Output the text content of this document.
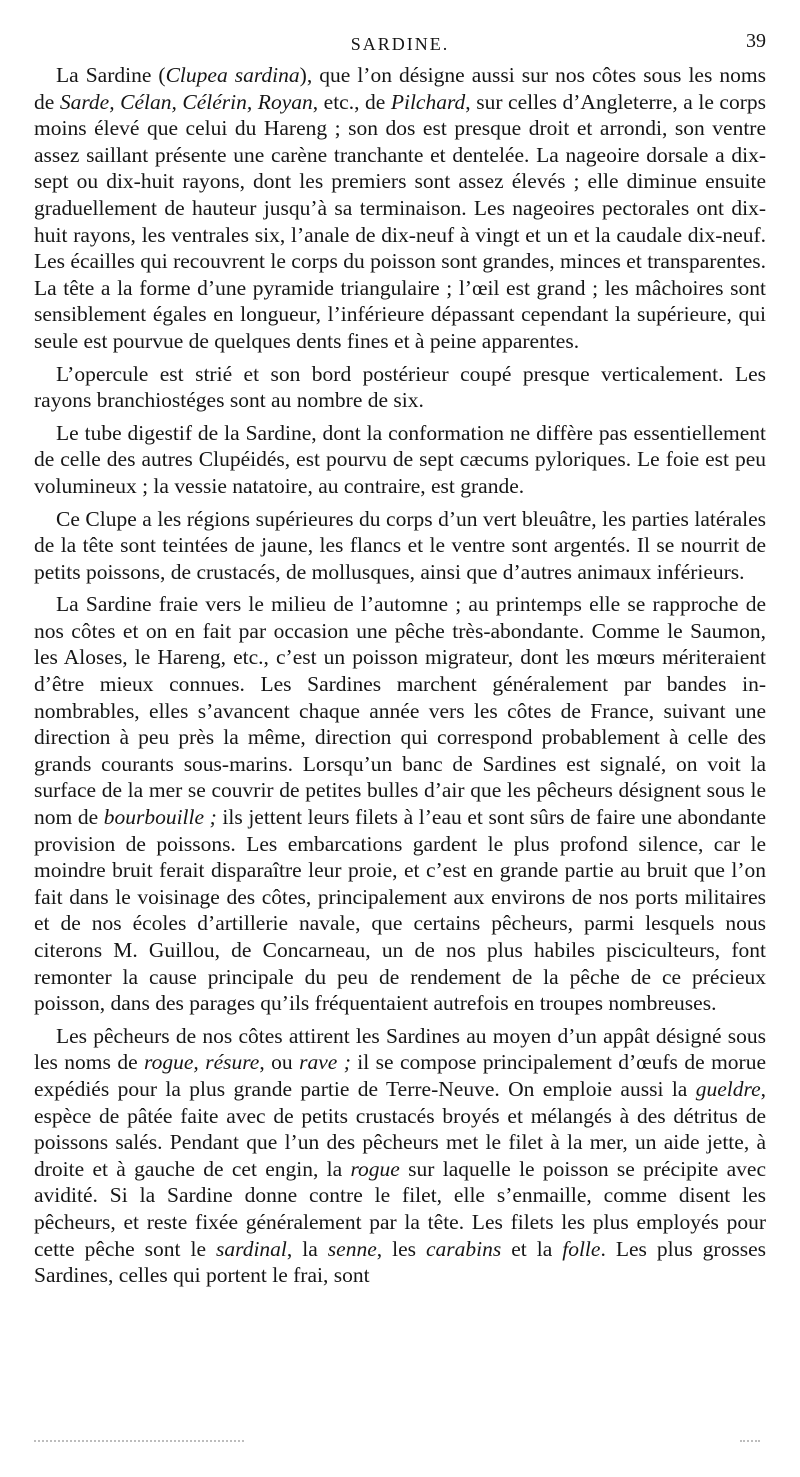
SARDINE.	39

La Sardine (Clupea sardina), que l’on désigne aussi sur nos côtes sous les noms de Sarde, Célan, Célérin, Royan, etc., de Pilchard, sur celles d’Angleterre, a le corps moins élevé que celui du Hareng ; son dos est presque droit et arrondi, son ventre assez saillant présente une carène tranchante et dentelée. La nageoire dorsale a dix-sept ou dix-huit rayons, dont les premiers sont assez élevés ; elle diminue ensuite graduellement de hauteur jusqu’à sa terminaison. Les nageoires pectorales ont dix-huit rayons, les ventrales six, l’anale de dix-neuf à vingt et un et la caudale dix-neuf. Les écailles qui recouvrent le corps du poisson sont grandes, minces et transparentes. La tête a la forme d’une pyramide triangulaire ; l’œil est grand ; les mâchoires sont sensiblement égales en longueur, l’inférieure dépassant cependant la supérieure, qui seule est pourvue de quelques dents fines et à peine apparentes.

L’opercule est strié et son bord postérieur coupé presque verticalement. Les rayons branchiostéges sont au nombre de six.

Le tube digestif de la Sardine, dont la conformation ne diffère pas essentiellement de celle des autres Clupéidés, est pourvu de sept cæcums pyloriques. Le foie est peu volumineux ; la vessie natatoire, au contraire, est grande.

Ce Clupe a les régions supérieures du corps d’un vert bleuâtre, les parties latérales de la tête sont teintées de jaune, les flancs et le ventre sont argentés. Il se nourrit de petits poissons, de crustacés, de mollusques, ainsi que d’autres animaux inférieurs.

La Sardine fraie vers le milieu de l’automne ; au printemps elle se rapproche de nos côtes et on en fait par occasion une pêche très-abondante. Comme le Saumon, les Aloses, le Hareng, etc., c’est un poisson migrateur, dont les mœurs mériteraient d’être mieux connues. Les Sardines marchent généralement par bandes innombrables, elles s’avancent chaque année vers les côtes de France, suivant une direction à peu près la même, direction qui correspond probablement à celle des grands courants sous-marins. Lorsqu’un banc de Sardines est signalé, on voit la surface de la mer se couvrir de petites bulles d’air que les pêcheurs désignent sous le nom de bourbouille ; ils jettent leurs filets à l’eau et sont sûrs de faire une abondante provision de poissons. Les embarcations gardent le plus profond silence, car le moindre bruit ferait disparaître leur proie, et c’est en grande partie au bruit que l’on fait dans le voisinage des côtes, principalement aux environs de nos ports militaires et de nos écoles d’artillerie navale, que certains pêcheurs, parmi lesquels nous citerons M. Guillou, de Concarneau, un de nos plus habiles pisciculteurs, font remonter la cause principale du peu de rendement de la pêche de ce précieux poisson, dans des parages qu’ils fréquentaient autrefois en troupes nombreuses.

Les pêcheurs de nos côtes attirent les Sardines au moyen d’un appât désigné sous les noms de rogue, résure, ou rave ; il se compose principalement d’œufs de morue expédiés pour la plus grande partie de Terre-Neuve. On emploie aussi la gueldre, espèce de pâtée faite avec de petits crustacés broyés et mélangés à des détritus de poissons salés. Pendant que l’un des pêcheurs met le filet à la mer, un aide jette, à droite et à gauche de cet engin, la rogue sur laquelle le poisson se précipite avec avidité. Si la Sardine donne contre le filet, elle s’enmaille, comme disent les pêcheurs, et reste fixée généralement par la tête. Les filets les plus employés pour cette pêche sont le sardinal, la senne, les carabins et la folle. Les plus grosses Sardines, celles qui portent le frai, sont
